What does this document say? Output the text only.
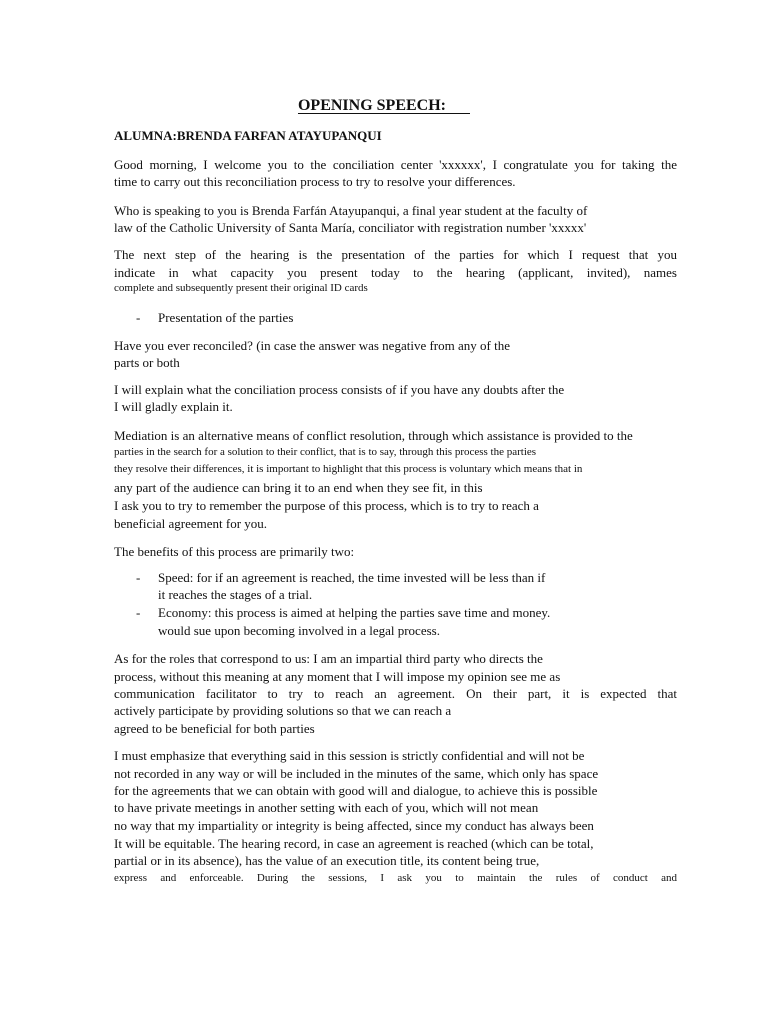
OPENING SPEECH:
ALUMNA:BRENDA FARFAN ATAYUPANQUI
Good morning, I welcome you to the conciliation center 'xxxxxx', I congratulate you for taking the
time to carry out this reconciliation process to try to resolve your differences.
Who is speaking to you is Brenda Farfán Atayupanqui, a final year student at the faculty of
law of the Catholic University of Santa María, conciliator with registration number 'xxxxx'
The next step of the hearing is the presentation of the parties for which I request that you
indicate in what capacity you present today to the hearing (applicant, invited), names
complete and subsequently present their original ID cards
- Presentation of the parties
Have you ever reconciled? (in case the answer was negative from any of the
parts or both
I will explain what the conciliation process consists of if you have any doubts after the
I will gladly explain it.
Mediation is an alternative means of conflict resolution, through which assistance is provided to the
parties in the search for a solution to their conflict, that is to say, through this process the parties
they resolve their differences, it is important to highlight that this process is voluntary which means that in
any part of the audience can bring it to an end when they see fit, in this
I ask you to try to remember the purpose of this process, which is to try to reach a
beneficial agreement for you.
The benefits of this process are primarily two:
- Speed: for if an agreement is reached, the time invested will be less than if
it reaches the stages of a trial.
- Economy: this process is aimed at helping the parties save time and money.
would sue upon becoming involved in a legal process.
As for the roles that correspond to us: I am an impartial third party who directs the
process, without this meaning at any moment that I will impose my opinion see me as
communication facilitator to try to reach an agreement. On their part, it is expected that
actively participate by providing solutions so that we can reach a
agreed to be beneficial for both parties
I must emphasize that everything said in this session is strictly confidential and will not be
not recorded in any way or will be included in the minutes of the same, which only has space
for the agreements that we can obtain with good will and dialogue, to achieve this is possible
to have private meetings in another setting with each of you, which will not mean
no way that my impartiality or integrity is being affected, since my conduct has always been
It will be equitable. The hearing record, in case an agreement is reached (which can be total,
partial or in its absence), has the value of an execution title, its content being true,
express and enforceable. During the sessions, I ask you to maintain the rules of conduct and
